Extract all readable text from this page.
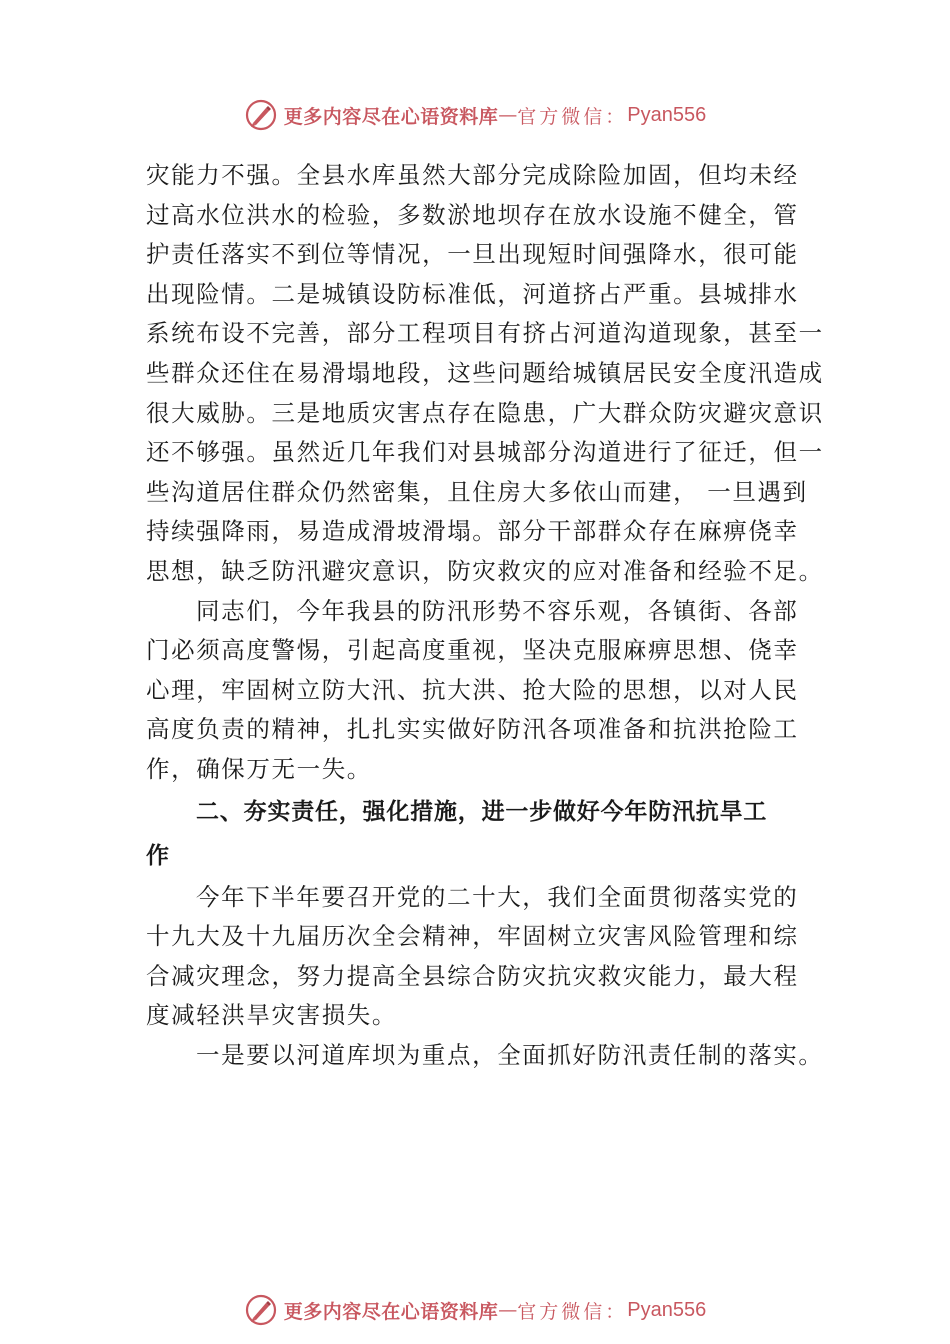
更多内容尽在心语资料库 — 官方微信： Pyan556

灾能力不强。全县水库虽然大部分完成除险加固，但均未经
过高水位洪水的检验，多数淤地坝存在放水设施不健全，管
护责任落实不到位等情况，一旦出现短时间强降水，很可能
出现险情。二是城镇设防标准低，河道挤占严重。县城排水
系统布设不完善，部分工程项目有挤占河道沟道现象，甚至一
些群众还住在易滑塌地段，这些问题给城镇居民安全度汛造成
很大威胁。三是地质灾害点存在隐患，广大群众防灾避灾意识
还不够强。虽然近几年我们对县城部分沟道进行了征迁，但一
些沟道居住群众仍然密集，且住房大多依山而建， 一旦遇到
持续强降雨，易造成滑坡滑塌。部分干部群众存在麻痹侥幸
思想，缺乏防汛避灾意识，防灾救灾的应对准备和经验不足。

同志们，今年我县的防汛形势不容乐观，各镇街、各部
门必须高度警惕，引起高度重视，坚决克服麻痹思想、侥幸
心理，牢固树立防大汛、抗大洪、抢大险的思想，以对人民
高度负责的精神，扎扎实实做好防汛各项准备和抗洪抢险工
作，确保万无一失。

二、夯实责任，强化措施，进一步做好今年防汛抗旱工
作

今年下半年要召开党的二十大，我们全面贯彻落实党的
十九大及十九届历次全会精神，牢固树立灾害风险管理和综
合减灾理念，努力提高全县综合防灾抗灾救灾能力，最大程
度减轻洪旱灾害损失。

一是要以河道库坝为重点，全面抓好防汛责任制的落实。

更多内容尽在心语资料库 — 官方微信： Pyan556
